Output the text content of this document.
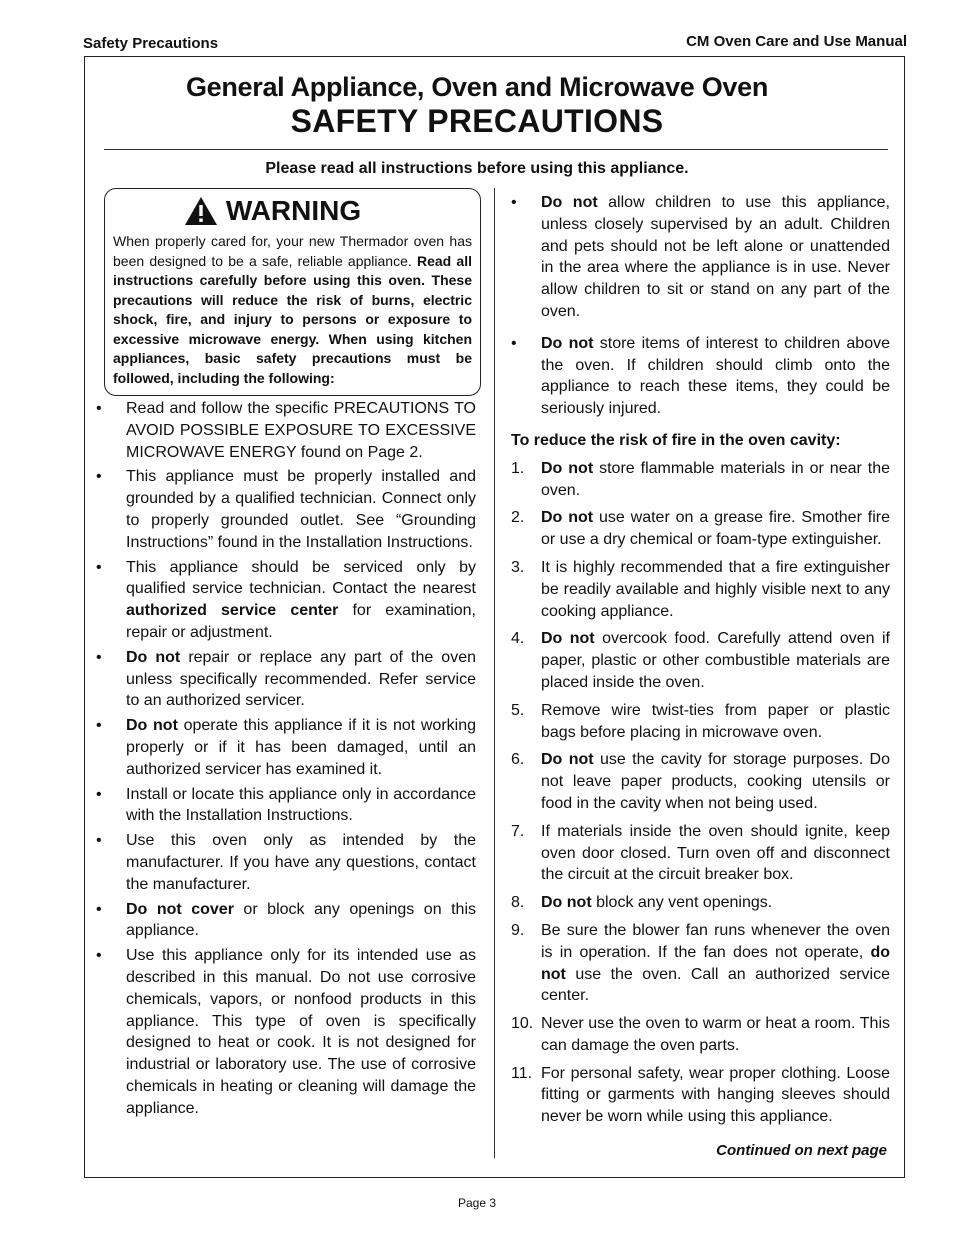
Safety Precautions	CM Oven Care and Use Manual
General Appliance, Oven and Microwave Oven
SAFETY PRECAUTIONS
Please read all instructions before using this appliance.
WARNING
When properly cared for, your new Thermador oven has been designed to be a safe, reliable appliance. Read all instructions carefully before using this oven. These precautions will reduce the risk of burns, electric shock, fire, and injury to persons or exposure to excessive microwave energy. When using kitchen appliances, basic safety precautions must be followed, including the following:
•	Read and follow the specific PRECAUTIONS TO AVOID POSSIBLE EXPOSURE TO EXCESSIVE MICROWAVE ENERGY found on Page 2.
•	This appliance must be properly installed and grounded by a qualified technician. Connect only to properly grounded outlet. See “Grounding Instructions” found in the Installation Instructions.
•	This appliance should be serviced only by qualified service technician. Contact the nearest authorized service center for examination, repair or adjustment.
•	Do not repair or replace any part of the oven unless specifically recommended. Refer service to an authorized servicer.
•	Do not operate this appliance if it is not working properly or if it has been damaged, until an authorized servicer has examined it.
•	Install or locate this appliance only in accordance with the Installation Instructions.
•	Use this oven only as intended by the manufacturer. If you have any questions, contact the manufacturer.
•	Do not cover or block any openings on this appliance.
•	Use this appliance only for its intended use as described in this manual. Do not use corrosive chemicals, vapors, or nonfood products in this appliance. This type of oven is specifically designed to heat or cook. It is not designed for industrial or laboratory use. The use of corrosive chemicals in heating or cleaning will damage the appliance.
•	Do not allow children to use this appliance, unless closely supervised by an adult. Children and pets should not be left alone or unattended in the area where the appliance is in use. Never allow children to sit or stand on any part of the oven.
•	Do not store items of interest to children above the oven. If children should climb onto the appliance to reach these items, they could be seriously injured.
To reduce the risk of fire in the oven cavity:
1.	Do not store flammable materials in or near the oven.
2.	Do not use water on a grease fire. Smother fire or use a dry chemical or foam-type extinguisher.
3.	It is highly recommended that a fire extinguisher be readily available and highly visible next to any cooking appliance.
4.	Do not overcook food. Carefully attend oven if paper, plastic or other combustible materials are placed inside the oven.
5.	Remove wire twist-ties from paper or plastic bags before placing in microwave oven.
6.	Do not use the cavity for storage purposes. Do not leave paper products, cooking utensils or food in the cavity when not being used.
7.	If materials inside the oven should ignite, keep oven door closed. Turn oven off and disconnect the circuit at the circuit breaker box.
8.	Do not block any vent openings.
9.	Be sure the blower fan runs whenever the oven is in operation. If the fan does not operate, do not use the oven. Call an authorized service center.
10. Never use the oven to warm or heat a room. This can damage the oven parts.
11. For personal safety, wear proper clothing. Loose fitting or garments with hanging sleeves should never be worn while using this appliance.
Continued on next page
Page 3
